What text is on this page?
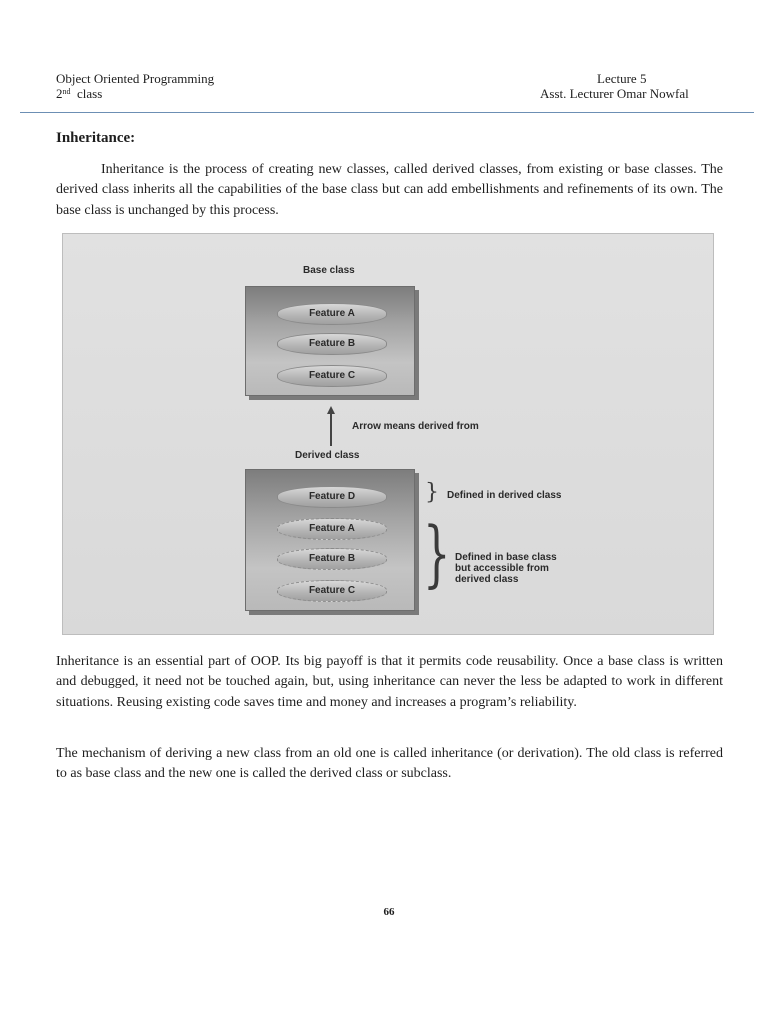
Object Oriented Programming
2nd class
Lecture 5
Asst. Lecturer Omar Nowfal
Inheritance:

Inheritance is the process of creating new classes, called derived classes, from existing or base classes. The derived class inherits all the capabilities of the base class but can add embellishments and refinements of its own. The base class is unchanged by this process.

Base class
Feature A
Feature B
Feature C
Arrow means derived from
Derived class
Feature D
Feature A
Feature B
Feature C
} Defined in derived class
} Defined in base class
but accessible from
derived class

Inheritance is an essential part of OOP. Its big payoff is that it permits code reusability. Once a base class is written and debugged, it need not be touched again, but, using inheritance can never the less be adapted to work in different situations. Reusing existing code saves time and money and increases a program’s reliability.

The mechanism of deriving a new class from an old one is called inheritance (or derivation). The old class is referred to as base class and the new one is called the derived class or subclass.

66
